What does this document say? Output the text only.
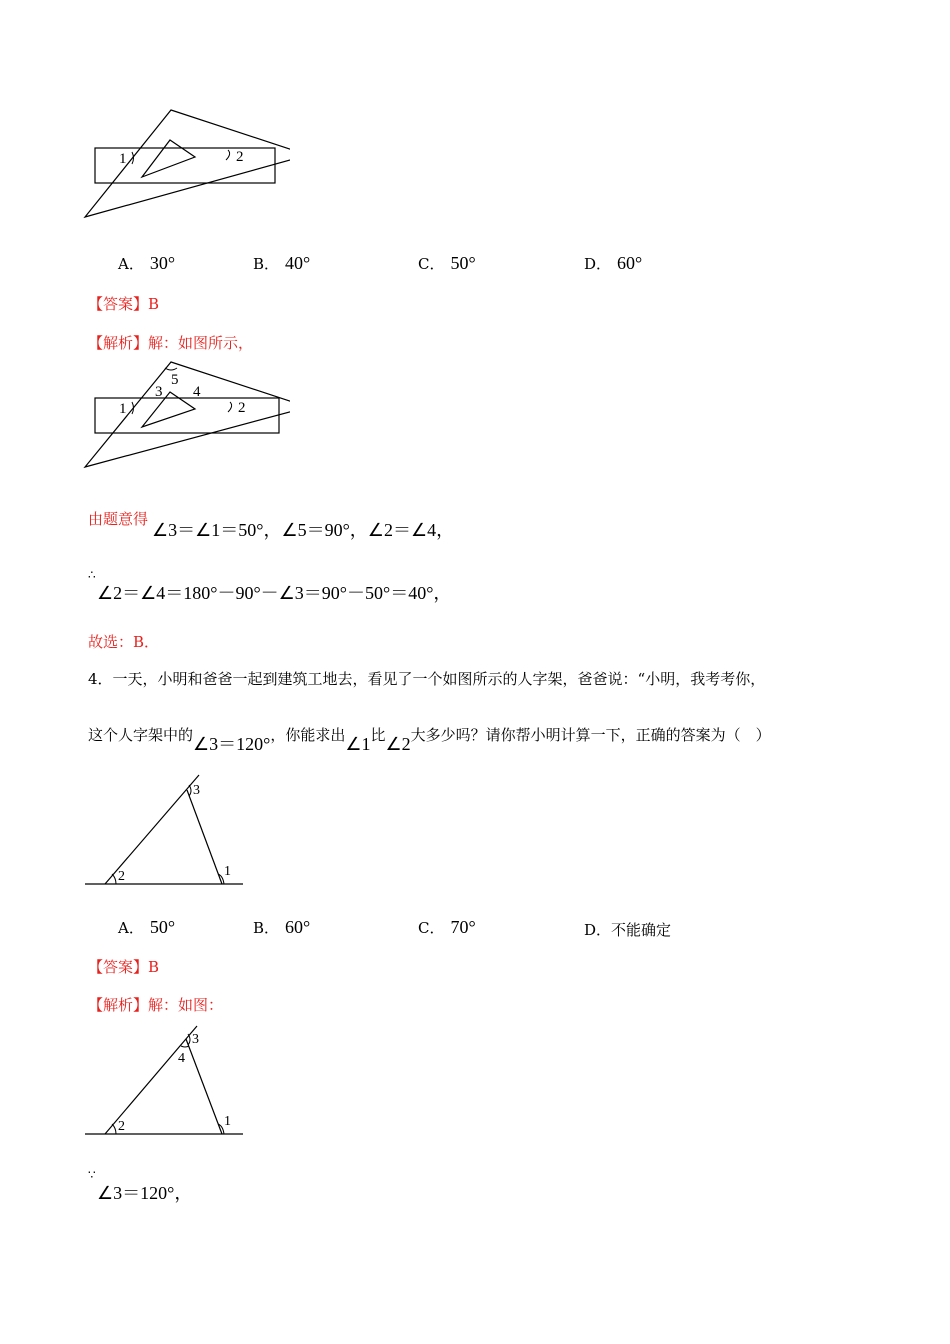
1	2
A． 30°	B． 40°	C． 50°	D． 60°
【答案】B
【解析】解：如图所示，
1	2
3 4
5
由题意得
∠3＝∠1＝50°，∠5＝90°，∠2＝∠4，
∴
∠2＝∠4＝180°－90°－∠3＝90°－50°＝40°，
故选：B．
4．一天，小明和爸爸一起到建筑工地去，看见了一个如图所示的人字架，爸爸说：“小明，我考考你，
这个人字架中的∠3＝120°，你能求出∠1比∠2大多少吗？请你帮小明计算一下，正确的答案为（　）
3
2	1
A． 50°	B． 60°	C． 70°	D．不能确定
【答案】B
【解析】解：如图：
3
4
2	1
∵
∠3＝120°，
